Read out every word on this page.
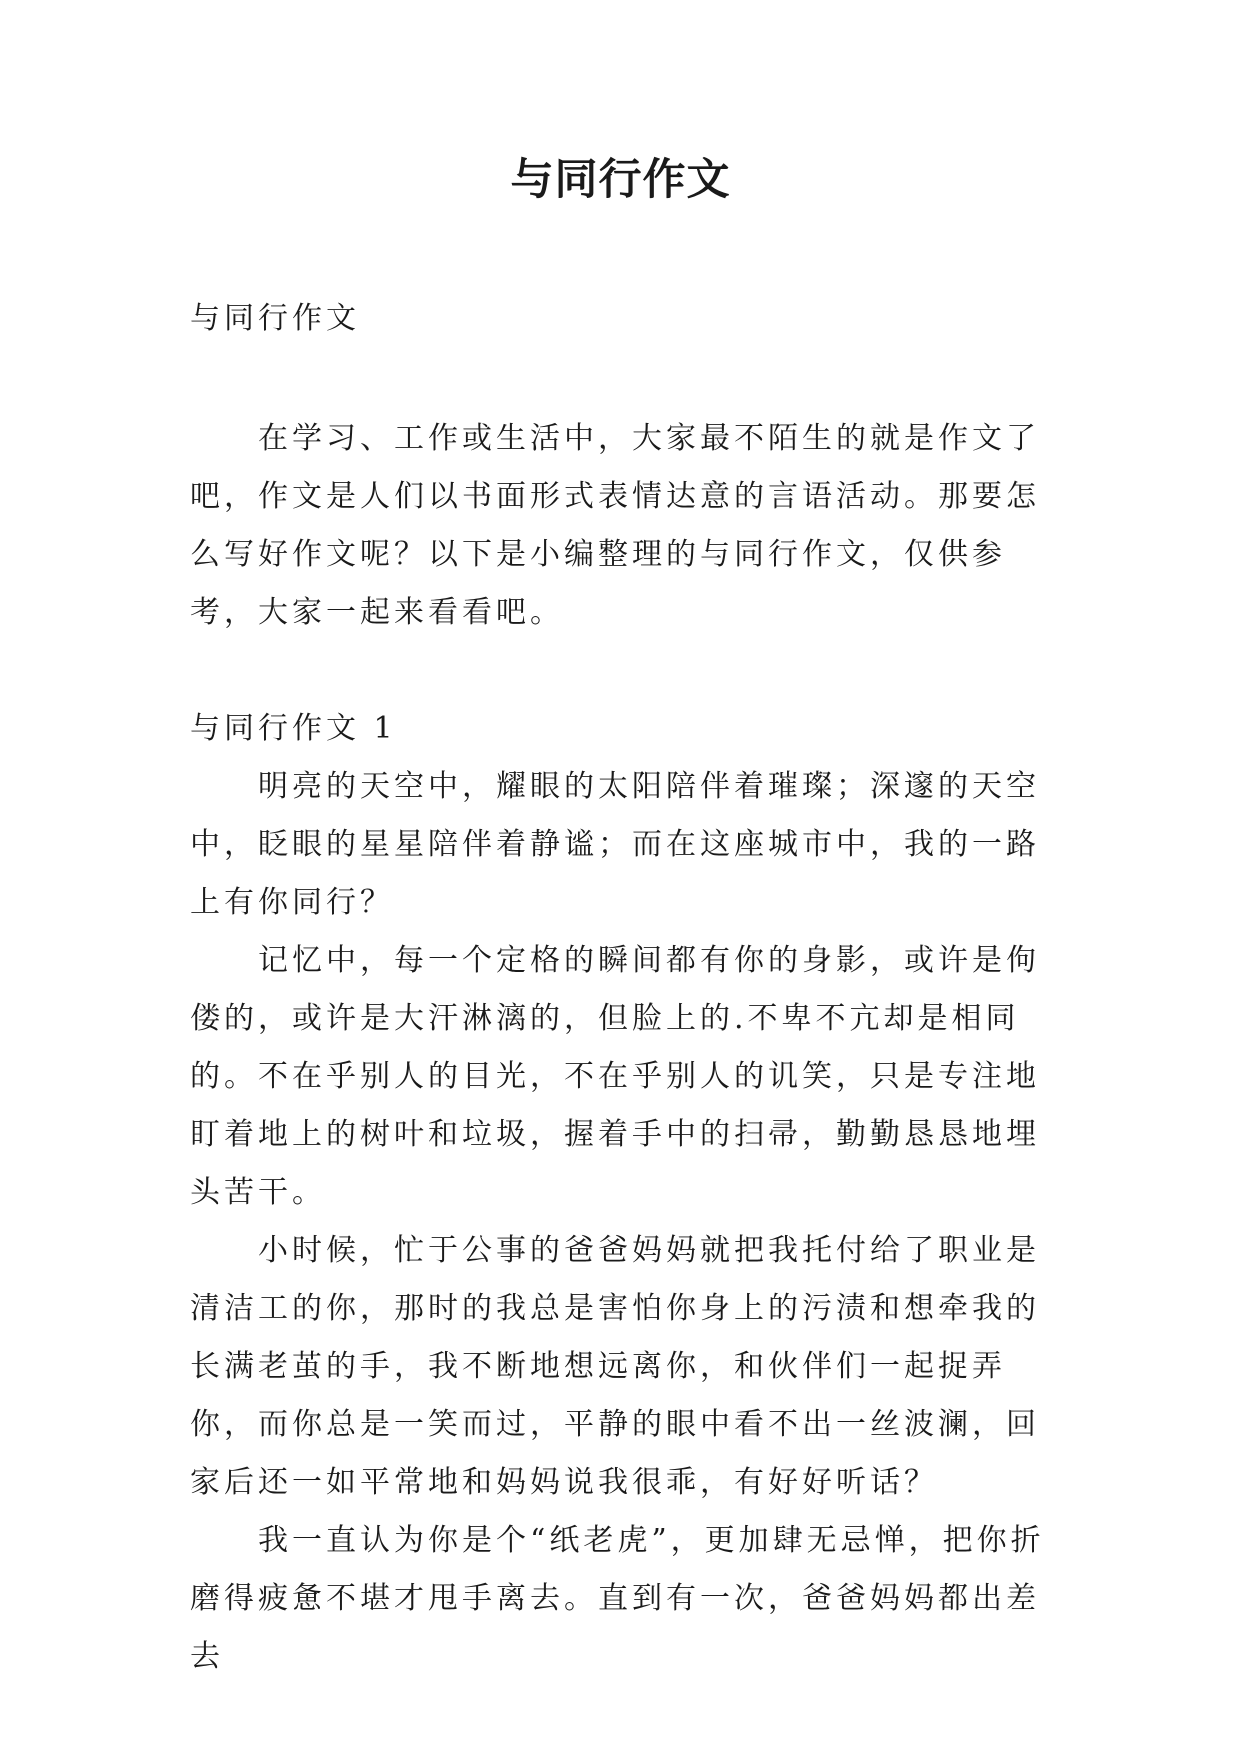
与同行作文

与同行作文

在学习、工作或生活中，大家最不陌生的就是作文了吧，作文是人们以书面形式表情达意的言语活动。那要怎么写好作文呢？以下是小编整理的与同行作文，仅供参考，大家一起来看看吧。

与同行作文 1

明亮的天空中，耀眼的太阳陪伴着璀璨；深邃的天空中，眨眼的星星陪伴着静谧；而在这座城市中，我的一路上有你同行？

记忆中，每一个定格的瞬间都有你的身影，或许是佝偻的，或许是大汗淋漓的，但脸上的.不卑不亢却是相同的。不在乎别人的目光，不在乎别人的讥笑，只是专注地盯着地上的树叶和垃圾，握着手中的扫帚，勤勤恳恳地埋头苦干。

小时候，忙于公事的爸爸妈妈就把我托付给了职业是清洁工的你，那时的我总是害怕你身上的污渍和想牵我的长满老茧的手，我不断地想远离你，和伙伴们一起捉弄你，而你总是一笑而过，平静的眼中看不出一丝波澜，回家后还一如平常地和妈妈说我很乖，有好好听话？

我一直认为你是个“纸老虎”，更加肆无忌惮，把你折磨得疲惫不堪才甩手离去。直到有一次，爸爸妈妈都出差去
